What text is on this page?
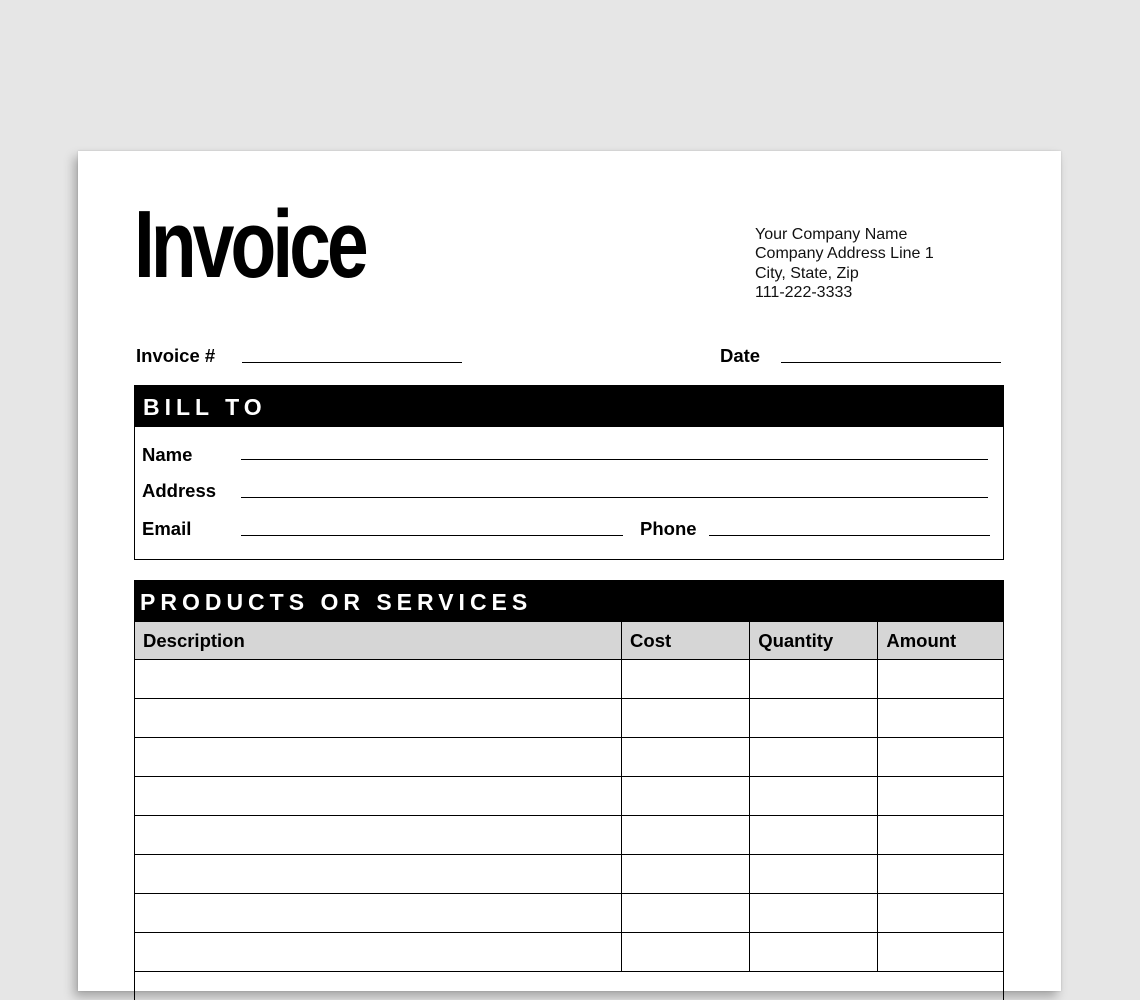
Invoice	Your Company Name
Company Address Line 1
City, State, Zip
111-222-3333
Invoice #	Date
BILL TO
Name
Address
Email	Phone
PRODUCTS OR SERVICES
Description	Cost	Quantity	Amount
